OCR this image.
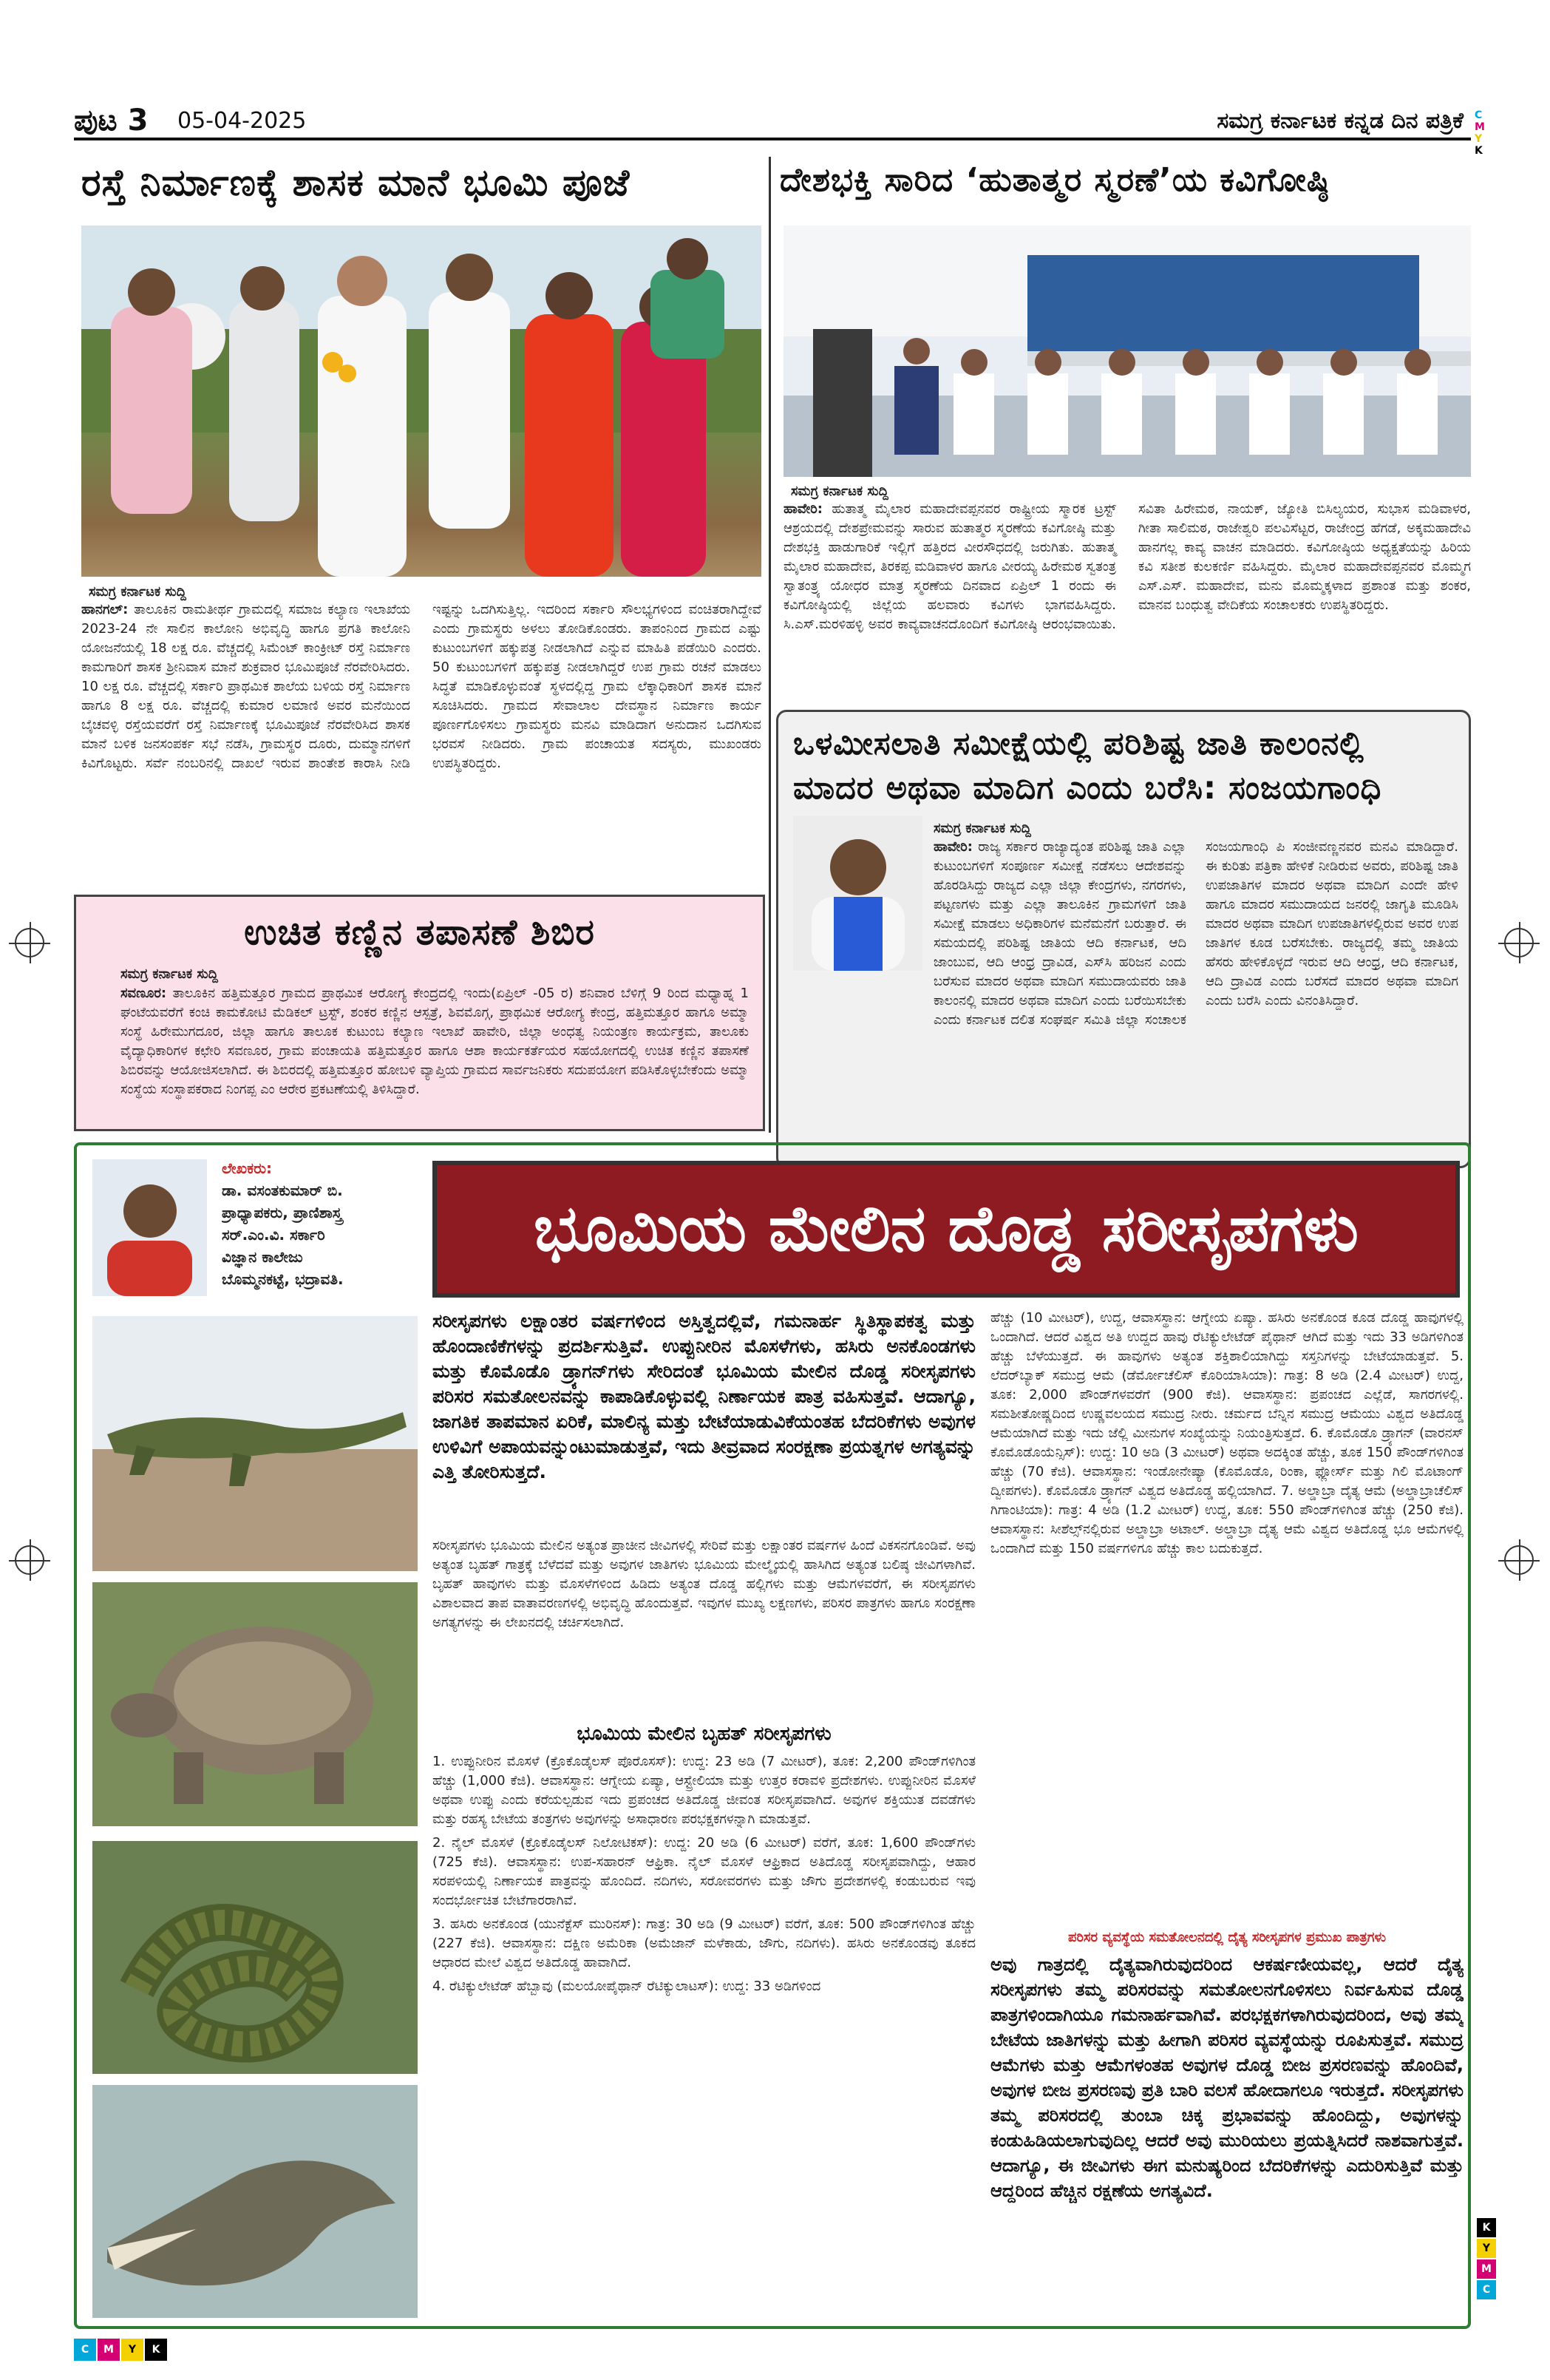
C
M
Y
K
ಪುಟ 3 05-04-2025	ಸಮಗ್ರ ಕರ್ನಾಟಕ ಕನ್ನಡ ದಿನ ಪತ್ರಿಕೆ
ರಸ್ತೆ ನಿರ್ಮಾಣಕ್ಕೆ ಶಾಸಕ ಮಾನೆ ಭೂಮಿ ಪೂಜೆ
ಸಮಗ್ರ ಕರ್ನಾಟಕ ಸುದ್ದಿ
ಹಾನಗಲ್: ತಾಲೂಕಿನ ರಾಮತೀರ್ಥ ಗ್ರಾಮದಲ್ಲಿ ಸಮಾಜ ಕಲ್ಯಾಣ ಇಲಾಖೆಯ 2023-24 ನೇ ಸಾಲಿನ ಕಾಲೋನಿ ಅಭಿವೃದ್ಧಿ ಹಾಗೂ ಪ್ರಗತಿ ಕಾಲೋನಿ ಯೋಜನೆಯಲ್ಲಿ 18 ಲಕ್ಷ ರೂ. ವೆಚ್ಚದಲ್ಲಿ ಸಿಮೆಂಟ್ ಕಾಂಕ್ರೀಟ್ ರಸ್ತೆ ನಿರ್ಮಾಣ ಕಾಮಗಾರಿಗೆ ಶಾಸಕ ಶ್ರೀನಿವಾಸ ಮಾನೆ ಶುಕ್ರವಾರ ಭೂಮಿಪೂಜೆ ನೆರವೇರಿಸಿದರು. 10 ಲಕ್ಷ ರೂ. ವೆಚ್ಚದಲ್ಲಿ ಸರ್ಕಾರಿ ಪ್ರಾಥಮಿಕ ಶಾಲೆಯ ಬಳಿಯ ರಸ್ತೆ ನಿರ್ಮಾಣ ಹಾಗೂ 8 ಲಕ್ಷ ರೂ. ವೆಚ್ಚದಲ್ಲಿ ಕುಮಾರ ಲಮಾಣಿ ಅವರ ಮನೆಯಿಂದ ಬೈಚವಳ್ಳಿ ರಸ್ತೆಯವರೆಗೆ ರಸ್ತೆ ನಿರ್ಮಾಣಕ್ಕೆ ಭೂಮಿಪೂಜೆ ನೆರವೇರಿಸಿದ ಶಾಸಕ ಮಾನೆ ಬಳಿಕ ಜನಸಂಪರ್ಕ ಸಭೆ ನಡೆಸಿ, ಗ್ರಾಮಸ್ಥರ ದೂರು, ದುಮ್ಮಾನಗಳಿಗೆ ಕಿವಿಗೊಟ್ಟರು. ಸರ್ವೆ ನಂಬರಿನಲ್ಲಿ ದಾಖಲೆ ಇರುವ ಶಾಂತೇಶ ಕಾರಾಸಿ ನೀಡಿ ಇಷ್ಟನ್ನು ಒದಗಿಸುತ್ತಿಲ್ಲ. ಇದರಿಂದ ಸರ್ಕಾರಿ ಸೌಲಭ್ಯಗಳಿಂದ ವಂಚಿತರಾಗಿದ್ದೇವೆ ಎಂದು ಗ್ರಾಮಸ್ಥರು ಅಳಲು ತೋಡಿಕೊಂಡರು. ತಾಪಂನಿಂದ ಗ್ರಾಮದ ಎಷ್ಟು ಕುಟುಂಬಗಳಿಗೆ ಹಕ್ಕುಪತ್ರ ನೀಡಲಾಗಿದೆ ಎನ್ನುವ ಮಾಹಿತಿ ಪಡೆಯಿರಿ ಎಂದರು. 50 ಕುಟುಂಬಗಳಿಗೆ ಹಕ್ಕುಪತ್ರ ನೀಡಲಾಗಿದ್ದರೆ ಉಪ ಗ್ರಾಮ ರಚನೆ ಮಾಡಲು ಸಿದ್ಧತೆ ಮಾಡಿಕೊಳ್ಳುವಂತೆ ಸ್ಥಳದಲ್ಲಿದ್ದ ಗ್ರಾಮ ಲೆಕ್ಕಾಧಿಕಾರಿಗೆ ಶಾಸಕ ಮಾನೆ ಸೂಚಿಸಿದರು. ಗ್ರಾಮದ ಸೇವಾಲಾಲ ದೇವಸ್ಥಾನ ನಿರ್ಮಾಣ ಕಾರ್ಯ ಪೂರ್ಣಗೊಳಿಸಲು ಗ್ರಾಮಸ್ಥರು ಮನವಿ ಮಾಡಿದಾಗ ಅನುದಾನ ಒದಗಿಸುವ ಭರವಸೆ ನೀಡಿದರು. ಗ್ರಾಮ ಪಂಚಾಯತ ಸದಸ್ಯರು, ಮುಖಂಡರು ಉಪಸ್ಥಿತರಿದ್ದರು.
ದೇಶಭಕ್ತಿ ಸಾರಿದ ‘ಹುತಾತ್ಮರ ಸ್ಮರಣೆ’ಯ ಕವಿಗೋಷ್ಠಿ
ಸಮಗ್ರ ಕರ್ನಾಟಕ ಸುದ್ದಿ
ಹಾವೇರಿ: ಹುತಾತ್ಮ ಮೈಲಾರ ಮಹಾದೇವಪ್ಪನವರ ರಾಷ್ಟ್ರೀಯ ಸ್ಮಾರಕ ಟ್ರಸ್ಟ್ ಆಶ್ರಯದಲ್ಲಿ ದೇಶಪ್ರೇಮವನ್ನು ಸಾರುವ ಹುತಾತ್ಮರ ಸ್ಮರಣೆಯ ಕವಿಗೋಷ್ಠಿ ಮತ್ತು ದೇಶಭಕ್ತಿ ಹಾಡುಗಾರಿಕೆ ಇಲ್ಲಿಗೆ ಹತ್ತಿರದ ವೀರಸೌಧದಲ್ಲಿ ಜರುಗಿತು. ಹುತಾತ್ಮ ಮೈಲಾರ ಮಹಾದೇವ, ತಿರಕಪ್ಪ ಮಡಿವಾಳರ ಹಾಗೂ ವೀರಯ್ಯ ಹಿರೇಮಠ ಸ್ವತಂತ್ರ ಸ್ವಾತಂತ್ರ್ಯ ಯೋಧರ ಮಾತ್ರ ಸ್ಮರಣೆಯ ದಿನವಾದ ಏಪ್ರಿಲ್ 1 ರಂದು ಈ ಕವಿಗೋಷ್ಠಿಯಲ್ಲಿ ಜಿಲ್ಲೆಯ ಹಲವಾರು ಕವಿಗಳು ಭಾಗವಹಿಸಿದ್ದರು. ಸಿ.ಎಸ್.ಮರಳಿಹಳ್ಳಿ ಅವರ ಕಾವ್ಯವಾಚನದೊಂದಿಗೆ ಕವಿಗೋಷ್ಠಿ ಆರಂಭವಾಯಿತು. ಸವಿತಾ ಹಿರೇಮಠ, ನಾಯಕ್, ಜ್ಯೋತಿ ಬಿಸಿಲ್ಯಯರ, ಸುಭಾಸ ಮಡಿವಾಳರ, ಗೀತಾ ಸಾಲಿಮಠ, ರಾಜೇಶ್ವರಿ ಪಲವಿಸೆಟ್ಟರ, ರಾಜೇಂದ್ರ ಹೆಗಡೆ, ಅಕ್ಕಮಹಾದೇವಿ ಹಾನಗಲ್ಲ ಕಾವ್ಯ ವಾಚನ ಮಾಡಿದರು. ಕವಿಗೋಷ್ಠಿಯ ಅಧ್ಯಕ್ಷತೆಯನ್ನು ಹಿರಿಯ ಕವಿ ಸತೀಶ ಕುಲಕರ್ಣಿ ವಹಿಸಿದ್ದರು. ಮೈಲಾರ ಮಹಾದೇವಪ್ಪನವರ ಮೊಮ್ಮಗ ಎಸ್.ಎಸ್. ಮಹಾದೇವ, ಮನು ಮೊಮ್ಮಕ್ಕಳಾದ ಪ್ರಶಾಂತ ಮತ್ತು ಶಂಕರ, ಮಾನವ ಬಂಧುತ್ವ ವೇದಿಕೆಯ ಸಂಚಾಲಕರು ಉಪಸ್ಥಿತರಿದ್ದರು.
ಉಚಿತ ಕಣ್ಣಿನ ತಪಾಸಣೆ ಶಿಬಿರ
ಸಮಗ್ರ ಕರ್ನಾಟಕ ಸುದ್ದಿ
ಸವಣೂರ: ತಾಲೂಕಿನ ಹತ್ತಿಮತ್ತೂರ ಗ್ರಾಮದ ಪ್ರಾಥಮಿಕ ಆರೋಗ್ಯ ಕೇಂದ್ರದಲ್ಲಿ ಇಂದು(ಏಪ್ರಿಲ್ -05 ರ) ಶನಿವಾರ ಬೆಳಿಗ್ಗೆ 9 ರಿಂದ ಮಧ್ಯಾಹ್ನ 1 ಘಂಟೆಯವರೆಗೆ ಕಂಚಿ ಕಾಮಕೋಟಿ ಮೆಡಿಕಲ್ ಟ್ರಸ್ಟ್, ಶಂಕರ ಕಣ್ಣಿನ ಆಸ್ಪತ್ರೆ, ಶಿವಮೊಗ್ಗ, ಪ್ರಾಥಮಿಕ ಆರೋಗ್ಯ ಕೇಂದ್ರ, ಹತ್ತಿಮತ್ತೂರ ಹಾಗೂ ಅಮ್ಮಾ ಸಂಸ್ಥೆ ಹಿರೇಮುಗದೂರ, ಜಿಲ್ಲಾ ಹಾಗೂ ತಾಲೂಕ ಕುಟುಂಬ ಕಲ್ಯಾಣ ಇಲಾಖೆ ಹಾವೇರಿ, ಜಿಲ್ಲಾ ಅಂಧತ್ವ ನಿಯಂತ್ರಣ ಕಾರ್ಯಕ್ರಮ, ತಾಲೂಕು ವೈದ್ಯಾಧಿಕಾರಿಗಳ ಕಛೇರಿ ಸವಣೂರ, ಗ್ರಾಮ ಪಂಚಾಯತಿ ಹತ್ತಿಮತ್ತೂರ ಹಾಗೂ ಆಶಾ ಕಾರ್ಯಕರ್ತೆಯರ ಸಹಯೋಗದಲ್ಲಿ ಉಚಿತ ಕಣ್ಣಿನ ತಪಾಸಣೆ ಶಿಬಿರವನ್ನು ಆಯೋಜಿಸಲಾಗಿದೆ. ಈ ಶಿಬಿರದಲ್ಲಿ ಹತ್ತಿಮತ್ತೂರ ಹೋಬಳಿ ವ್ಯಾಪ್ತಿಯ ಗ್ರಾಮದ ಸಾರ್ವಜನಿಕರು ಸದುಪಯೋಗ ಪಡಿಸಿಕೊಳ್ಳಬೇಕೆಂದು ಅಮ್ಮಾ ಸಂಸ್ಥೆಯ ಸಂಸ್ಥಾಪಕರಾದ ನಿಂಗಪ್ಪ ಎಂ ಆರೇರ ಪ್ರಕಟಣೆಯಲ್ಲಿ ತಿಳಿಸಿದ್ದಾರೆ.
ಒಳಮೀಸಲಾತಿ ಸಮೀಕ್ಷೆಯಲ್ಲಿ ಪರಿಶಿಷ್ಟ ಜಾತಿ ಕಾಲಂನಲ್ಲಿ
ಮಾದರ ಅಥವಾ ಮಾದಿಗ ಎಂದು ಬರೆಸಿ: ಸಂಜಯಗಾಂಧಿ
ಸಮಗ್ರ ಕರ್ನಾಟಕ ಸುದ್ದಿ
ಹಾವೇರಿ: ರಾಜ್ಯ ಸರ್ಕಾರ ರಾಜ್ಯಾದ್ಯಂತ ಪರಿಶಿಷ್ಟ ಜಾತಿ ಎಲ್ಲಾ ಕುಟುಂಬಗಳಿಗೆ ಸಂಪೂರ್ಣ ಸಮೀಕ್ಷೆ ನಡೆಸಲು ಆದೇಶವನ್ನು ಹೊರಡಿಸಿದ್ದು ರಾಜ್ಯದ ಎಲ್ಲಾ ಜಿಲ್ಲಾ ಕೇಂದ್ರಗಳು, ನಗರಗಳು, ಪಟ್ಟಣಗಳು ಮತ್ತು ಎಲ್ಲಾ ತಾಲೂಕಿನ ಗ್ರಾಮಗಳಿಗೆ ಜಾತಿ ಸಮೀಕ್ಷೆ ಮಾಡಲು ಅಧಿಕಾರಿಗಳ ಮನೆಮನೆಗೆ ಬರುತ್ತಾರೆ. ಈ ಸಮಯದಲ್ಲಿ ಪರಿಶಿಷ್ಟ ಜಾತಿಯ ಆದಿ ಕರ್ನಾಟಕ, ಆದಿ ಜಾಂಬುವ, ಆದಿ ಆಂಧ್ರ ದ್ರಾವಿಡ, ಎಸ್‌ಸಿ ಹರಿಜನ ಎಂದು ಬರೆಸುವ ಮಾದರ ಅಥವಾ ಮಾದಿಗ ಸಮುದಾಯವರು ಜಾತಿ ಕಾಲಂನಲ್ಲಿ ಮಾದರ ಅಥವಾ ಮಾದಿಗ ಎಂದು ಬರೆಯಿಸಬೇಕು ಎಂದು ಕರ್ನಾಟಕ ದಲಿತ ಸಂಘರ್ಷ ಸಮಿತಿ ಜಿಲ್ಲಾ ಸಂಚಾಲಕ ಸಂಜಯಗಾಂಧಿ ಪಿ ಸಂಜೀವಣ್ಣನವರ ಮನವಿ ಮಾಡಿದ್ದಾರೆ. ಈ ಕುರಿತು ಪತ್ರಿಕಾ ಹೇಳಿಕೆ ನೀಡಿರುವ ಅವರು, ಪರಿಶಿಷ್ಟ ಜಾತಿ ಉಪಜಾತಿಗಳ ಮಾದರ ಅಥವಾ ಮಾದಿಗ ಎಂದೇ ಹೇಳಿ ಹಾಗೂ ಮಾದರ ಸಮುದಾಯದ ಜನರಲ್ಲಿ ಜಾಗೃತಿ ಮೂಡಿಸಿ ಮಾದರ ಅಥವಾ ಮಾದಿಗ ಉಪಜಾತಿಗಳಲ್ಲಿರುವ ಅವರ ಉಪ ಜಾತಿಗಳ ಕೂಡ ಬರೆಸಬೇಕು. ರಾಜ್ಯದಲ್ಲಿ ತಮ್ಮ ಜಾತಿಯ ಹೆಸರು ಹೇಳಿಕೊಳ್ಳದೆ ಇರುವ ಆದಿ ಆಂಧ್ರ, ಆದಿ ಕರ್ನಾಟಕ, ಆದಿ ದ್ರಾವಿಡ ಎಂದು ಬರೆಸದೆ ಮಾದರ ಅಥವಾ ಮಾದಿಗ ಎಂದು ಬರೆಸಿ ಎಂದು ವಿನಂತಿಸಿದ್ದಾರೆ.
ಲೇಖಕರು:
ಡಾ. ವಸಂತಕುಮಾರ್ ಬಿ.
ಪ್ರಾಧ್ಯಾಪಕರು, ಪ್ರಾಣಿಶಾಸ್ತ್ರ
ಸರ್.ಎಂ.ವಿ. ಸರ್ಕಾರಿ
ವಿಜ್ಞಾನ ಕಾಲೇಜು
ಬೊಮ್ಮನಕಟ್ಟೆ, ಭದ್ರಾವತಿ.
ಭೂಮಿಯ ಮೇಲಿನ ದೊಡ್ಡ ಸರೀಸೃಪಗಳು
ಸರೀಸೃಪಗಳು ಲಕ್ಷಾಂತರ ವರ್ಷಗಳಿಂದ ಅಸ್ತಿತ್ವದಲ್ಲಿವೆ, ಗಮನಾರ್ಹ ಸ್ಥಿತಿಸ್ಥಾಪಕತ್ವ ಮತ್ತು ಹೊಂದಾಣಿಕೆಗಳನ್ನು ಪ್ರದರ್ಶಿಸುತ್ತಿವೆ. ಉಪ್ಪುನೀರಿನ ಮೊಸಳೆಗಳು, ಹಸಿರು ಅನಕೊಂಡಗಳು ಮತ್ತು ಕೊಮೊಡೊ ಡ್ರ್ಯಾಗನ್‌ಗಳು ಸೇರಿದಂತೆ ಭೂಮಿಯ ಮೇಲಿನ ದೊಡ್ಡ ಸರೀಸೃಪಗಳು ಪರಿಸರ ಸಮತೋಲನವನ್ನು ಕಾಪಾಡಿಕೊಳ್ಳುವಲ್ಲಿ ನಿರ್ಣಾಯಕ ಪಾತ್ರ ವಹಿಸುತ್ತವೆ. ಆದಾಗ್ಯೂ, ಜಾಗತಿಕ ತಾಪಮಾನ ಏರಿಕೆ, ಮಾಲಿನ್ಯ ಮತ್ತು ಬೇಟೆಯಾಡುವಿಕೆಯಂತಹ ಬೆದರಿಕೆಗಳು ಅವುಗಳ ಉಳಿವಿಗೆ ಅಪಾಯವನ್ನುಂಟುಮಾಡುತ್ತವೆ, ಇದು ತೀವ್ರವಾದ ಸಂರಕ್ಷಣಾ ಪ್ರಯತ್ನಗಳ ಅಗತ್ಯವನ್ನು ಎತ್ತಿ ತೋರಿಸುತ್ತದೆ.
ಸರೀಸೃಪಗಳು ಭೂಮಿಯ ಮೇಲಿನ ಅತ್ಯಂತ ಪ್ರಾಚೀನ ಜೀವಿಗಳಲ್ಲಿ ಸೇರಿವೆ ಮತ್ತು ಲಕ್ಷಾಂತರ ವರ್ಷಗಳ ಹಿಂದೆ ವಿಕಸನಗೊಂಡಿವೆ. ಅವು ಅತ್ಯಂತ ಬೃಹತ್ ಗಾತ್ರಕ್ಕೆ ಬೆಳೆದವೆ ಮತ್ತು ಅವುಗಳ ಜಾತಿಗಳು ಭೂಮಿಯ ಮೇಲ್ಮೈಯಲ್ಲಿ ಹಾಸಿಗಿದ ಅತ್ಯಂತ ಬಲಿಷ್ಠ ಜೀವಿಗಳಾಗಿವೆ. ಬೃಹತ್ ಹಾವುಗಳು ಮತ್ತು ಮೊಸಳೆಗಳಿಂದ ಹಿಡಿದು ಅತ್ಯಂತ ದೊಡ್ಡ ಹಲ್ಲಿಗಳು ಮತ್ತು ಆಮೆಗಳವರೆಗೆ, ಈ ಸರೀಸೃಪಗಳು ವಿಶಾಲವಾದ ತಾಪ ವಾತಾವರಣಗಳಲ್ಲಿ ಅಭಿವೃದ್ಧಿ ಹೊಂದುತ್ತವೆ. ಇವುಗಳ ಮುಖ್ಯ ಲಕ್ಷಣಗಳು, ಪರಿಸರ ಪಾತ್ರಗಳು ಹಾಗೂ ಸಂರಕ್ಷಣಾ ಅಗತ್ಯಗಳನ್ನು ಈ ಲೇಖನದಲ್ಲಿ ಚರ್ಚಿಸಲಾಗಿದೆ.
ಭೂಮಿಯ ಮೇಲಿನ ಬೃಹತ್ ಸರೀಸೃಪಗಳು

1. ಉಪ್ಪುನೀರಿನ ಮೊಸಳೆ (ಕ್ರೊಕೊಡೈಲಸ್ ಪೊರೊಸಸ್): ಉದ್ದ: 23 ಅಡಿ (7 ಮೀಟರ್), ತೂಕ: 2,200 ಪೌಂಡ್‌ಗಳಿಗಿಂತ ಹೆಚ್ಚು (1,000 ಕೆಜಿ). ಆವಾಸಸ್ಥಾನ: ಆಗ್ನೇಯ ಏಷ್ಯಾ, ಆಸ್ಟ್ರೇಲಿಯಾ ಮತ್ತು ಉತ್ತರ ಕರಾವಳಿ ಪ್ರದೇಶಗಳು. ಉಪ್ಪುನೀರಿನ ಮೊಸಳೆ ಅಥವಾ ಉಪ್ಪು ಎಂದು ಕರೆಯಲ್ಪಡುವ ಇದು ಪ್ರಪಂಚದ ಅತಿದೊಡ್ಡ ಜೀವಂತ ಸರೀಸೃಪವಾಗಿದೆ. ಅವುಗಳ ಶಕ್ತಿಯುತ ದವಡೆಗಳು ಮತ್ತು ರಹಸ್ಯ ಬೇಟೆಯ ತಂತ್ರಗಳು ಅವುಗಳನ್ನು ಅಸಾಧಾರಣ ಪರಭಕ್ಷಕಗಳನ್ನಾಗಿ ಮಾಡುತ್ತವೆ.

2. ನೈಲ್ ಮೊಸಳೆ (ಕ್ರೊಕೊಡೈಲಸ್ ನಿಲೋಟಿಕಸ್): ಉದ್ದ: 20 ಅಡಿ (6 ಮೀಟರ್) ವರೆಗೆ, ತೂಕ: 1,600 ಪೌಂಡ್‌ಗಳು (725 ಕೆಜಿ). ಆವಾಸಸ್ಥಾನ: ಉಪ-ಸಹಾರನ್ ಆಫ್ರಿಕಾ. ನೈಲ್ ಮೊಸಳೆ ಆಫ್ರಿಕಾದ ಅತಿದೊಡ್ಡ ಸರೀಸೃಪವಾಗಿದ್ದು, ಆಹಾರ ಸರಪಳಿಯಲ್ಲಿ ನಿರ್ಣಾಯಕ ಪಾತ್ರವನ್ನು ಹೊಂದಿದೆ. ನದಿಗಳು, ಸರೋವರಗಳು ಮತ್ತು ಜೌಗು ಪ್ರದೇಶಗಳಲ್ಲಿ ಕಂಡುಬರುವ ಇವು ಸಂದರ್ಭೋಚಿತ ಬೇಟೆಗಾರರಾಗಿವೆ.

3. ಹಸಿರು ಅನಕೊಂಡ (ಯುನೆಕ್ಟೆಸ್ ಮುರಿನಸ್): ಗಾತ್ರ: 30 ಅಡಿ (9 ಮೀಟರ್) ವರೆಗೆ, ತೂಕ: 500 ಪೌಂಡ್‌ಗಳಿಗಿಂತ ಹೆಚ್ಚು (227 ಕೆಜಿ). ಆವಾಸಸ್ಥಾನ: ದಕ್ಷಿಣ ಅಮೆರಿಕಾ (ಅಮೆಜಾನ್ ಮಳೆಕಾಡು, ಜೌಗು, ನದಿಗಳು). ಹಸಿರು ಅನಕೊಂಡವು ತೂಕದ ಆಧಾರದ ಮೇಲೆ ವಿಶ್ವದ ಅತಿದೊಡ್ಡ ಹಾವಾಗಿದೆ.

4. ರೆಟಿಕ್ಯುಲೇಟೆಡ್ ಹೆಬ್ಬಾವು (ಮಲಯೋಪೈಥಾನ್ ರೆಟಿಕ್ಯುಲಾಟಸ್): ಉದ್ದ: 33 ಅಡಿಗಳಿಂದ

ಹೆಚ್ಚು (10 ಮೀಟರ್), ಉದ್ದ, ಆವಾಸಸ್ಥಾನ: ಆಗ್ನೇಯ ಏಷ್ಯಾ. ಹಸಿರು ಅನಕೊಂಡ ಕೂಡ ದೊಡ್ಡ ಹಾವುಗಳಲ್ಲಿ ಒಂದಾಗಿದೆ. ಆದರೆ ವಿಶ್ವದ ಅತಿ ಉದ್ದದ ಹಾವು ರೆಟಿಕ್ಯುಲೇಟೆಡ್ ಪೈಥಾನ್ ಆಗಿದೆ ಮತ್ತು ಇದು 33 ಅಡಿಗಳಿಗಿಂತ ಹೆಚ್ಚು ಬೆಳೆಯುತ್ತದೆ. ಈ ಹಾವುಗಳು ಅತ್ಯಂತ ಶಕ್ತಿಶಾಲಿಯಾಗಿದ್ದು ಸಸ್ತನಿಗಳನ್ನು ಬೇಟೆಯಾಡುತ್ತವೆ. 5. ಲೆದರ್‌ಬ್ಯಾಕ್ ಸಮುದ್ರ ಆಮೆ (ಡೆರ್ಮೋಚೆಲಿಸ್ ಕೊರಿಯಾಸಿಯಾ): ಗಾತ್ರ: 8 ಅಡಿ (2.4 ಮೀಟರ್) ಉದ್ದ, ತೂಕ: 2,000 ಪೌಂಡ್‌ಗಳವರೆಗೆ (900 ಕೆಜಿ). ಆವಾಸಸ್ಥಾನ: ಪ್ರಪಂಚದ ಎಲ್ಲೆಡೆ, ಸಾಗರಗಳಲ್ಲಿ. ಸಮಶೀತೋಷ್ಣದಿಂದ ಉಷ್ಣವಲಯದ ಸಮುದ್ರ ನೀರು. ಚರ್ಮದ ಬೆನ್ನಿನ ಸಮುದ್ರ ಆಮೆಯು ವಿಶ್ವದ ಅತಿದೊಡ್ಡ ಆಮೆಯಾಗಿದೆ ಮತ್ತು ಇದು ಜೆಲ್ಲಿ ಮೀನುಗಳ ಸಂಖ್ಯೆಯನ್ನು ನಿಯಂತ್ರಿಸುತ್ತದೆ. 6. ಕೊಮೊಡೊ ಡ್ರ್ಯಾಗನ್ (ವಾರನಸ್ ಕೊಮೊಡೊಯೆನ್ಸಿಸ್): ಉದ್ದ: 10 ಅಡಿ (3 ಮೀಟರ್) ಅಥವಾ ಅದಕ್ಕಿಂತ ಹೆಚ್ಚು, ತೂಕ 150 ಪೌಂಡ್‌ಗಳಿಗಿಂತ ಹೆಚ್ಚು (70 ಕೆಜಿ). ಆವಾಸಸ್ಥಾನ: ಇಂಡೋನೇಷ್ಯಾ (ಕೊಮೊಡೊ, ರಿಂಕಾ, ಫ್ಲೋರ್ಸ್ ಮತ್ತು ಗಿಲಿ ಮೊಟಾಂಗ್ ದ್ವೀಪಗಳು). ಕೊಮೊಡೊ ಡ್ರ್ಯಾಗನ್ ವಿಶ್ವದ ಅತಿದೊಡ್ಡ ಹಲ್ಲಿಯಾಗಿದೆ. 7. ಅಲ್ಡಾಬ್ರಾ ದೈತ್ಯ ಆಮೆ (ಅಲ್ಡಾಬ್ರಾಚೆಲಿಸ್ ಗಿಗಾಂಟಿಯಾ): ಗಾತ್ರ: 4 ಅಡಿ (1.2 ಮೀಟರ್) ಉದ್ದ, ತೂಕ: 550 ಪೌಂಡ್‌ಗಳಿಗಿಂತ ಹೆಚ್ಚು (250 ಕೆಜಿ). ಆವಾಸಸ್ಥಾನ: ಸೀಶೆಲ್ಸ್‌ನಲ್ಲಿರುವ ಅಲ್ಡಾಬ್ರಾ ಅಟಾಲ್. ಅಲ್ಡಾಬ್ರಾ ದೈತ್ಯ ಆಮೆ ವಿಶ್ವದ ಅತಿದೊಡ್ಡ ಭೂ ಆಮೆಗಳಲ್ಲಿ ಒಂದಾಗಿದೆ ಮತ್ತು 150 ವರ್ಷಗಳಿಗೂ ಹೆಚ್ಚು ಕಾಲ ಬದುಕುತ್ತದೆ.
ಪರಿಸರ ವ್ಯವಸ್ಥೆಯ ಸಮತೋಲನದಲ್ಲಿ ದೈತ್ಯ ಸರೀಸೃಪಗಳ ಪ್ರಮುಖ ಪಾತ್ರಗಳು
ಅವು ಗಾತ್ರದಲ್ಲಿ ದೈತ್ಯವಾಗಿರುವುದರಿಂದ ಆಕರ್ಷಣೀಯವಲ್ಲ, ಆದರೆ ದೈತ್ಯ ಸರೀಸೃಪಗಳು ತಮ್ಮ ಪರಿಸರವನ್ನು ಸಮತೋಲನಗೊಳಿಸಲು ನಿರ್ವಹಿಸುವ ದೊಡ್ಡ ಪಾತ್ರಗಳಿಂದಾಗಿಯೂ ಗಮನಾರ್ಹವಾಗಿವೆ. ಪರಭಕ್ಷಕಗಳಾಗಿರುವುದರಿಂದ, ಅವು ತಮ್ಮ ಬೇಟೆಯ ಜಾತಿಗಳನ್ನು ಮತ್ತು ಹೀಗಾಗಿ ಪರಿಸರ ವ್ಯವಸ್ಥೆಯನ್ನು ರೂಪಿಸುತ್ತವೆ. ಸಮುದ್ರ ಆಮೆಗಳು ಮತ್ತು ಆಮೆಗಳಂತಹ ಅವುಗಳ ದೊಡ್ಡ ಬೀಜ ಪ್ರಸರಣವನ್ನು ಹೊಂದಿವೆ, ಅವುಗಳ ಬೀಜ ಪ್ರಸರಣವು ಪ್ರತಿ ಬಾರಿ ವಲಸೆ ಹೋದಾಗಲೂ ಇರುತ್ತದೆ. ಸರೀಸೃಪಗಳು ತಮ್ಮ ಪರಿಸರದಲ್ಲಿ ತುಂಬಾ ಚಿಕ್ಕ ಪ್ರಭಾವವನ್ನು ಹೊಂದಿದ್ದು, ಅವುಗಳನ್ನು ಕಂಡುಹಿಡಿಯಲಾಗುವುದಿಲ್ಲ ಆದರೆ ಅವು ಮುರಿಯಲು ಪ್ರಯತ್ನಿಸಿದರೆ ನಾಶವಾಗುತ್ತವೆ. ಆದಾಗ್ಯೂ, ಈ ಜೀವಿಗಳು ಈಗ ಮನುಷ್ಯರಿಂದ ಬೆದರಿಕೆಗಳನ್ನು ಎದುರಿಸುತ್ತಿವೆ ಮತ್ತು ಆದ್ದರಿಂದ ಹೆಚ್ಚಿನ ರಕ್ಷಣೆಯ ಅಗತ್ಯವಿದೆ.
C	M	Y	K
K
Y
M
C
